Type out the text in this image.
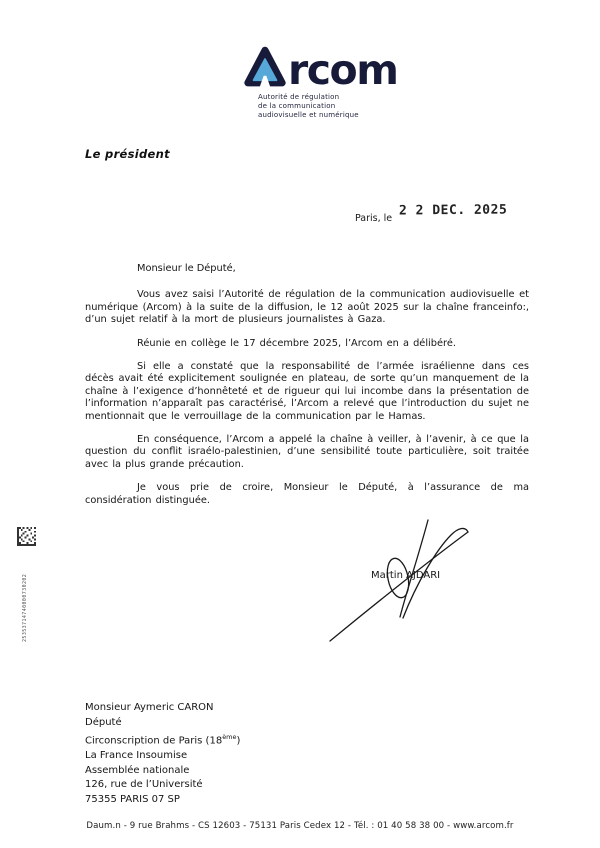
rcom
Autorité de régulation
de la communication
audiovisuelle et numérique
Le président
Paris, le
2 2 DEC. 2025

Monsieur le Député,

Vous avez saisi l’Autorité de régulation de la communication audiovisuelle et numérique (Arcom) à la suite de la diffusion, le 12 août 2025 sur la chaîne franceinfo:, d’un sujet relatif à la mort de plusieurs journalistes à Gaza.

Réunie en collège le 17 décembre 2025, l’Arcom en a délibéré.

Si elle a constaté que la responsabilité de l’armée israélienne dans ces décès avait été explicitement soulignée en plateau, de sorte qu’un manquement de la chaîne à l’exigence d’honnêteté et de rigueur qui lui incombe dans la présentation de l’information n’apparaît pas caractérisé, l’Arcom a relevé que l’introduction du sujet ne mentionnait que le verrouillage de la communication par le Hamas.

En conséquence, l’Arcom a appelé la chaîne à veiller, à l’avenir, à ce que la question du conflit israélo-palestinien, d’une sensibilité toute particulière, soit traitée avec la plus grande précaution.

Je vous prie de croire, Monsieur le Député, à l’assurance de ma considération distinguée.

Martin AJDARI
25353714740000730202
Monsieur Aymeric CARON
Député
Circonscription de Paris (18ème)
La France Insoumise
Assemblée nationale
126, rue de l’Université
75355 PARIS 07 SP
Daum.n - 9 rue Brahms - CS 12603 - 75131 Paris Cedex 12 - Tél. : 01 40 58 38 00 - www.arcom.fr
